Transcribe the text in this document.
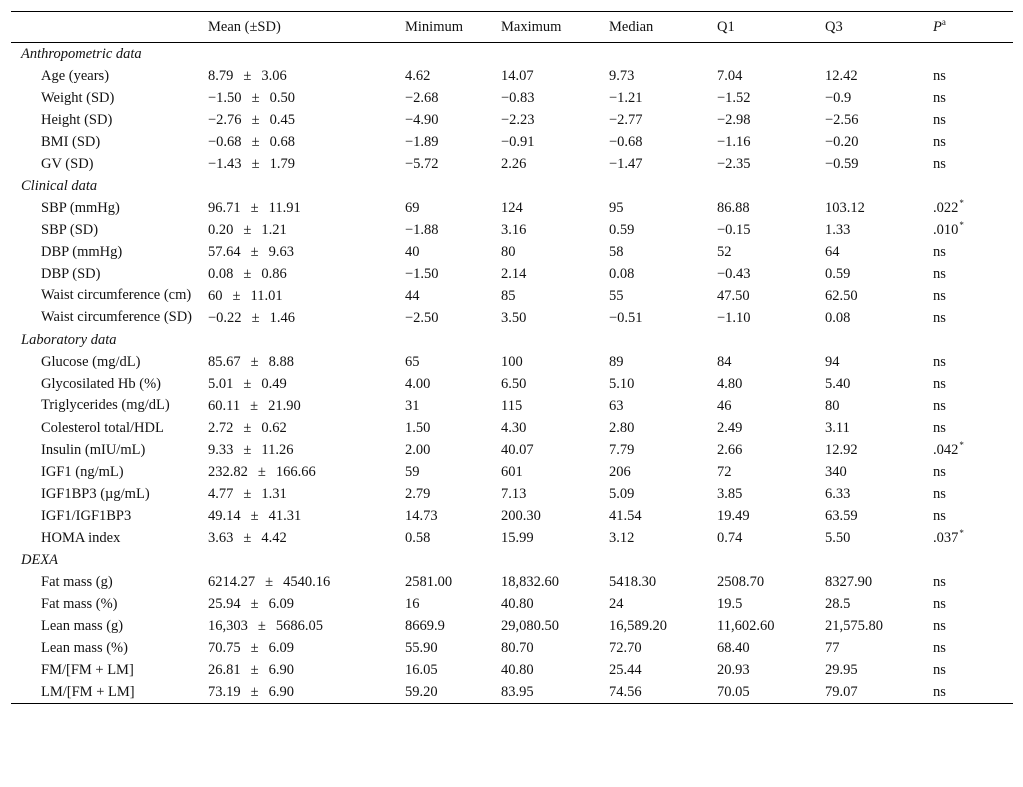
	Mean (±SD)	Minimum	Maximum	Median	Q1	Q3	$P^a$
Anthropometric data							
Age (years)	8.79 ± 3.06	4.62	14.07	9.73	7.04	12.42	ns
Weight (SD)	−1.50 ± 0.50	−2.68	−0.83	−1.21	−1.52	−0.9	ns
Height (SD)	−2.76 ± 0.45	−4.90	−2.23	−2.77	−2.98	−2.56	ns
BMI (SD)	−0.68 ± 0.68	−1.89	−0.91	−0.68	−1.16	−0.20	ns
GV (SD)	−1.43 ± 1.79	−5.72	2.26	−1.47	−2.35	−0.59	ns
Clinical data							
SBP (mmHg)	96.71 ± 11.91	69	124	95	86.88	103.12	.022*
SBP (SD)	0.20 ± 1.21	−1.88	3.16	0.59	−0.15	1.33	.010*
DBP (mmHg)	57.64 ± 9.63	40	80	58	52	64	ns
DBP (SD)	0.08 ± 0.86	−1.50	2.14	0.08	−0.43	0.59	ns
Waist circumference (cm)	60 ± 11.01	44	85	55	47.50	62.50	ns
Waist circumference (SD)	−0.22 ± 1.46	−2.50	3.50	−0.51	−1.10	0.08	ns
Laboratory data							
Glucose (mg/dL)	85.67 ± 8.88	65	100	89	84	94	ns
Glycosilated Hb (%)	5.01 ± 0.49	4.00	6.50	5.10	4.80	5.40	ns
Triglycerides (mg/dL)	60.11 ± 21.90	31	115	63	46	80	ns
Colesterol total/HDL	2.72 ± 0.62	1.50	4.30	2.80	2.49	3.11	ns
Insulin (mIU/mL)	9.33 ± 11.26	2.00	40.07	7.79	2.66	12.92	.042*
IGF1 (ng/mL)	232.82 ± 166.66	59	601	206	72	340	ns
IGF1BP3 (µg/mL)	4.77 ± 1.31	2.79	7.13	5.09	3.85	6.33	ns
IGF1/IGF1BP3	49.14 ± 41.31	14.73	200.30	41.54	19.49	63.59	ns
HOMA index	3.63 ± 4.42	0.58	15.99	3.12	0.74	5.50	.037*
DEXA							
Fat mass (g)	6214.27 ± 4540.16	2581.00	18,832.60	5418.30	2508.70	8327.90	ns
Fat mass (%)	25.94 ± 6.09	16	40.80	24	19.5	28.5	ns
Lean mass (g)	16,303 ± 5686.05	8669.9	29,080.50	16,589.20	11,602.60	21,575.80	ns
Lean mass (%)	70.75 ± 6.09	55.90	80.70	72.70	68.40	77	ns
FM/[FM + LM]	26.81 ± 6.90	16.05	40.80	25.44	20.93	29.95	ns
LM/[FM + LM]	73.19 ± 6.90	59.20	83.95	74.56	70.05	79.07	ns
